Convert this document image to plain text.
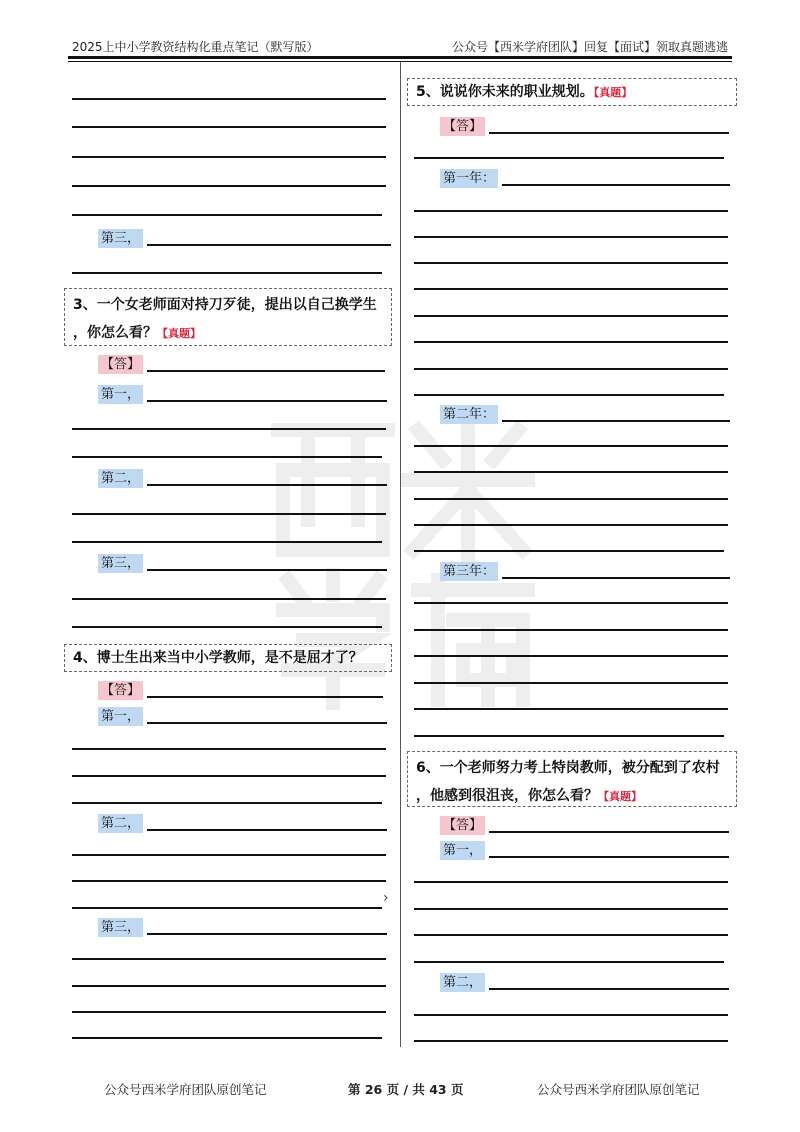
2025上中小学教资结构化重点笔记（默写版）	公众号【西米学府团队】回复【面试】领取真题逃逃
第三，
3、一个女老师面对持刀歹徒，提出以自己换学生
，你怎么看？【真题】
【答】
第一，
第二，
第三，
4、博士生出来当中小学教师，是不是屈才了？
【答】
第一，
第二，
›
第三，
5、说说你未来的职业规划。【真题】
【答】
第一年：
第二年：
第三年：
6、一个老师努力考上特岗教师，被分配到了农村
，他感到很沮丧，你怎么看？【真题】
【答】
第一，
第二，
公众号西米学府团队原创笔记	第 26 页 / 共 43 页	公众号西米学府团队原创笔记
